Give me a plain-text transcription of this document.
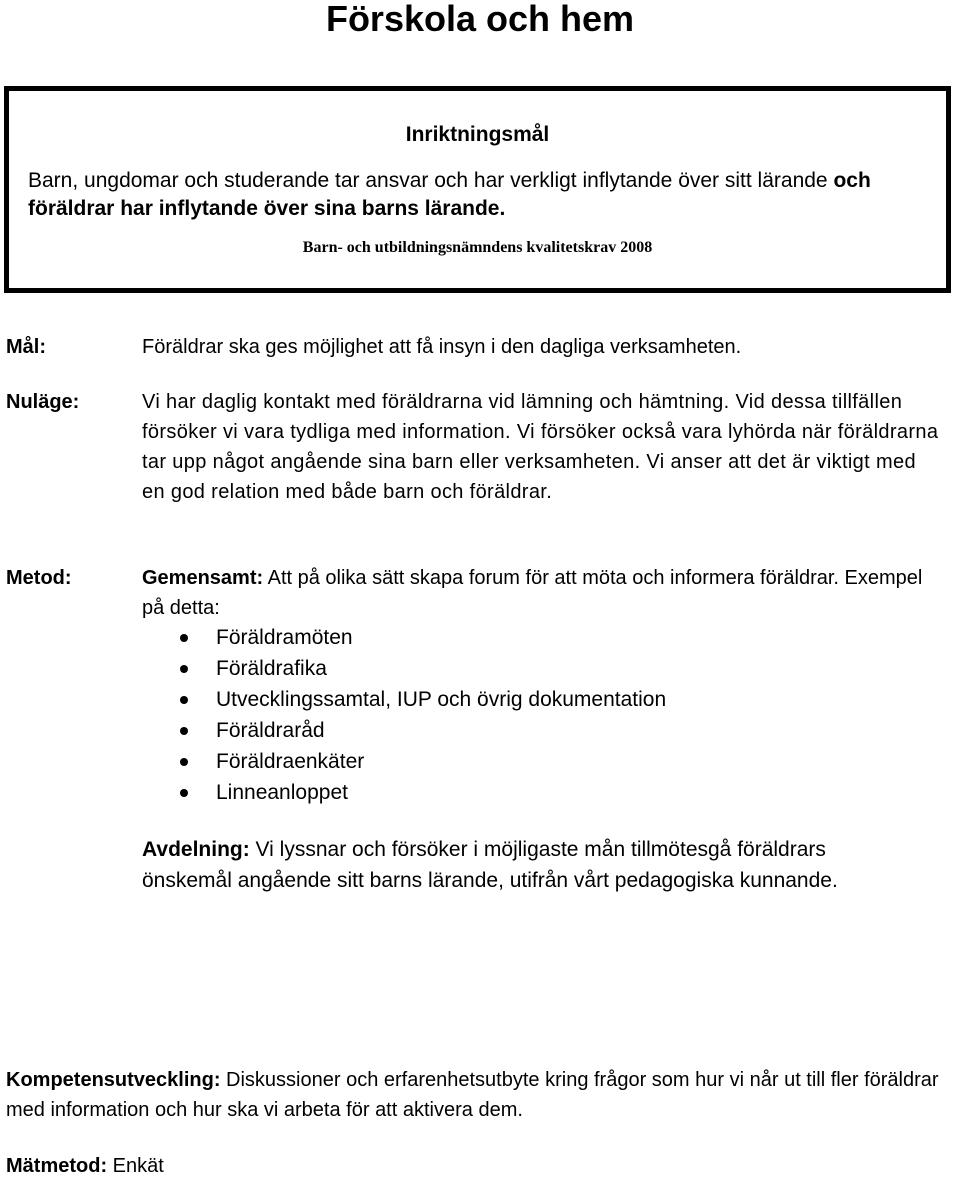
Förskola och hem
Inriktningsmål
Barn, ungdomar och studerande tar ansvar och har verkligt inflytande över sitt lärande och föräldrar har inflytande över sina barns lärande.
Barn- och utbildningsnämndens kvalitetskrav 2008
Mål:	Föräldrar ska ges möjlighet att få insyn i den dagliga verksamheten.
Nuläge:	Vi har daglig kontakt med föräldrarna vid lämning och hämtning. Vid dessa tillfällen försöker vi vara tydliga med information. Vi försöker också vara lyhörda när föräldrarna tar upp något angående sina barn eller verksamheten. Vi anser att det är viktigt med en god relation med både barn och föräldrar.
Metod:	Gemensamt: Att på olika sätt skapa forum för att möta och informera föräldrar. Exempel på detta:
Föräldramöten
Föräldrafika
Utvecklingssamtal, IUP och övrig dokumentation
Föräldraråd
Föräldraenkäter
Linneanloppet
Avdelning: Vi lyssnar och försöker i möjligaste mån tillmötesgå föräldrars önskemål angående sitt barns lärande, utifrån vårt pedagogiska kunnande.
Kompetensutveckling: Diskussioner och erfarenhetsutbyte kring frågor som hur vi når ut till fler föräldrar med information och hur ska vi arbeta för att aktivera dem.
Mätmetod: Enkät
